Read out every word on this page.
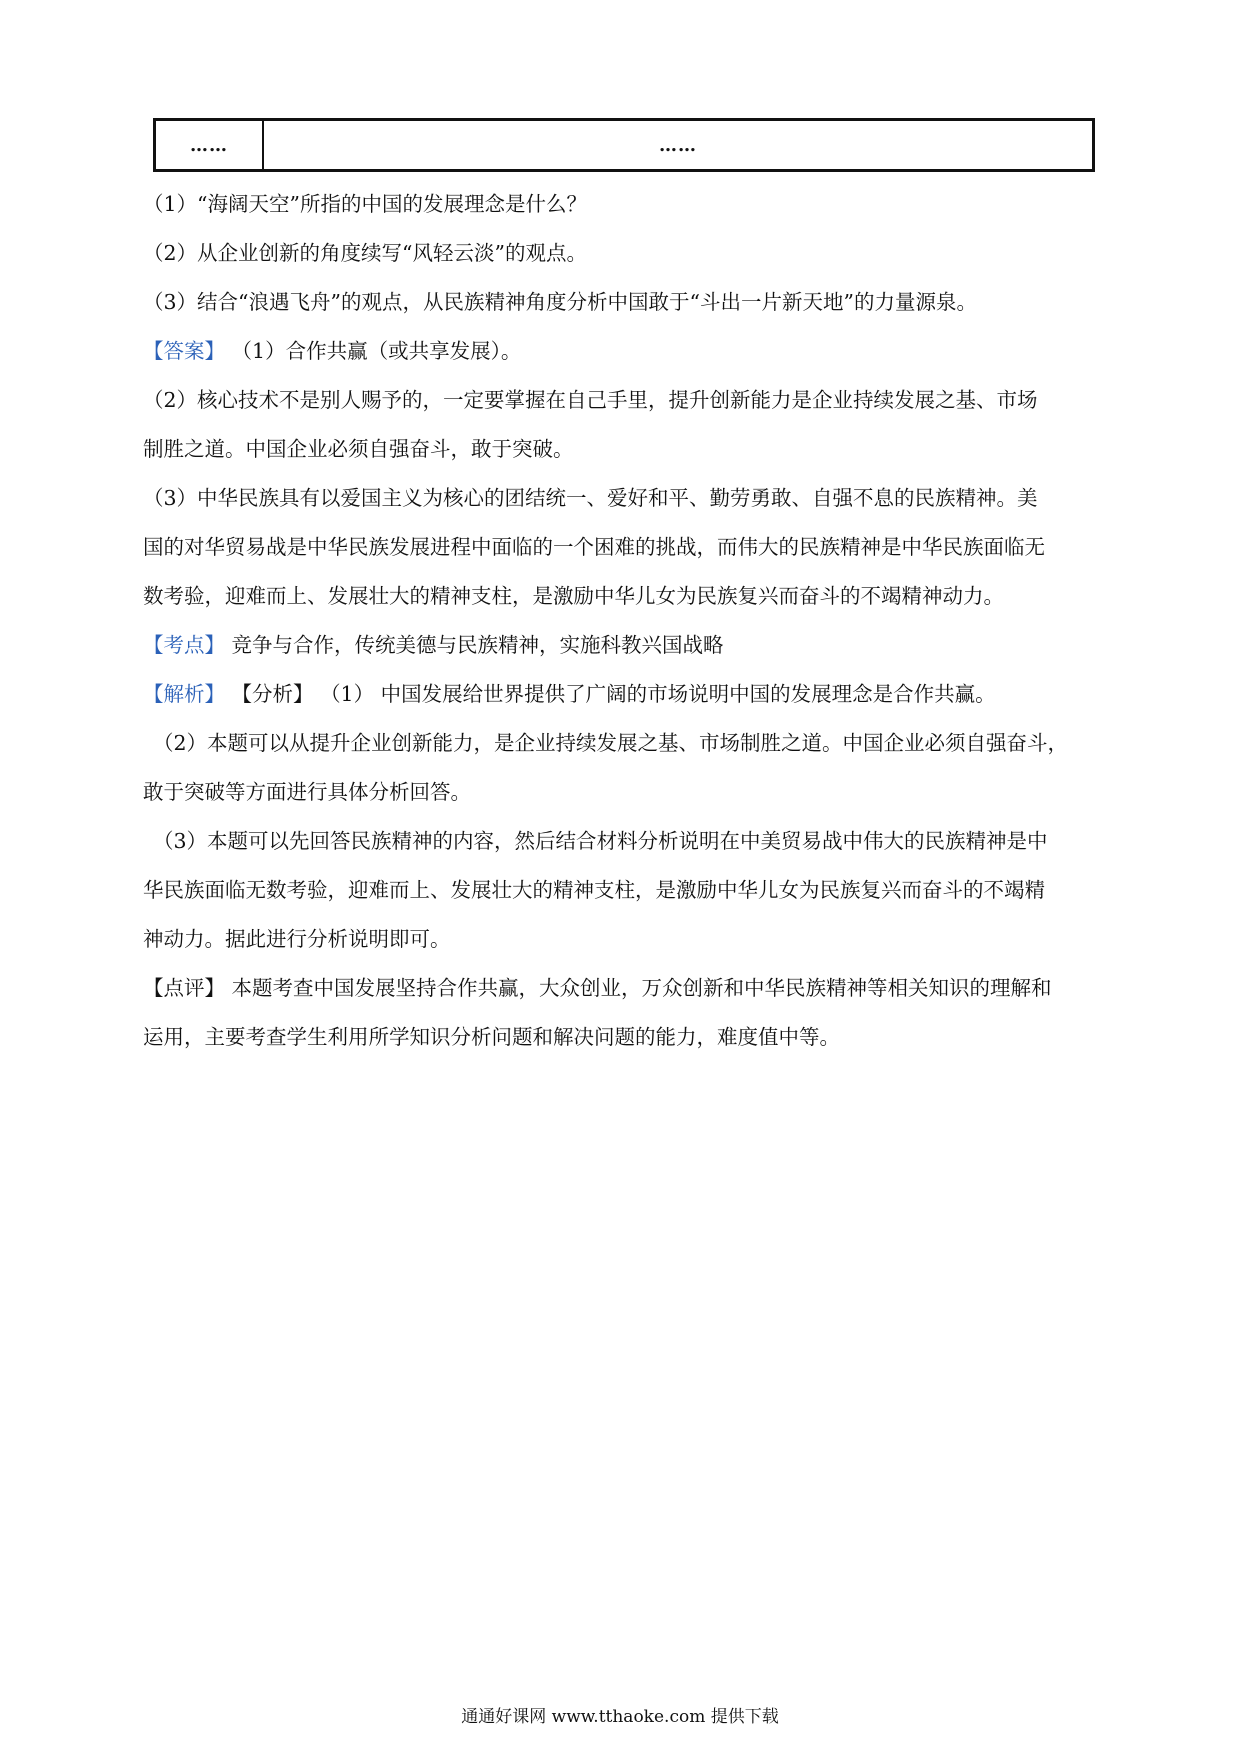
……	……

（1）“海阔天空”所指的中国的发展理念是什么？

（2）从企业创新的角度续写“风轻云淡”的观点。

（3）结合“浪遇飞舟”的观点，从民族精神角度分析中国敢于“斗出一片新天地”的力量源泉。

【答案】 （1）合作共赢（或共享发展）。

（2）核心技术不是别人赐予的，一定要掌握在自己手里，提升创新能力是企业持续发展之基、市场

制胜之道。中国企业必须自强奋斗，敢于突破。

（3）中华民族具有以爱国主义为核心的团结统一、爱好和平、勤劳勇敢、自强不息的民族精神。美

国的对华贸易战是中华民族发展进程中面临的一个困难的挑战，而伟大的民族精神是中华民族面临无

数考验，迎难而上、发展壮大的精神支柱，是激励中华儿女为民族复兴而奋斗的不竭精神动力。

【考点】 竞争与合作，传统美德与民族精神，实施科教兴国战略

【解析】 【分析】 （1） 中国发展给世界提供了广阔的市场说明中国的发展理念是合作共赢。

（2）本题可以从提升企业创新能力，是企业持续发展之基、市场制胜之道。中国企业必须自强奋斗，

敢于突破等方面进行具体分析回答。

（3）本题可以先回答民族精神的内容，然后结合材料分析说明在中美贸易战中伟大的民族精神是中

华民族面临无数考验，迎难而上、发展壮大的精神支柱，是激励中华儿女为民族复兴而奋斗的不竭精

神动力。据此进行分析说明即可。

【点评】 本题考查中国发展坚持合作共赢，大众创业，万众创新和中华民族精神等相关知识的理解和

运用，主要考查学生利用所学知识分析问题和解决问题的能力，难度值中等。

通通好课网 www.tthaoke.com 提供下载
